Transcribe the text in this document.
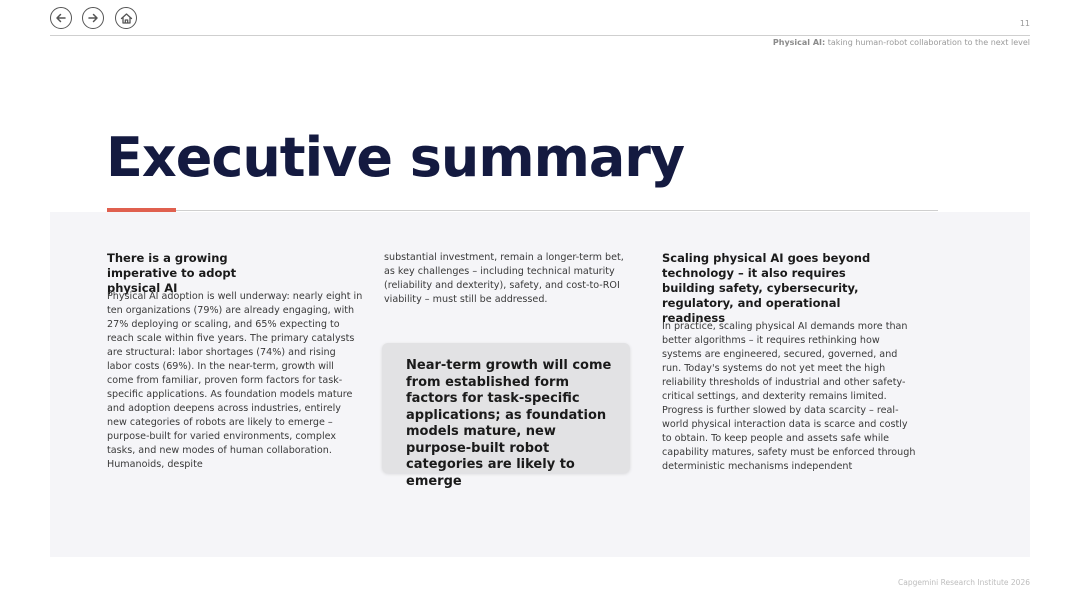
11
Physical AI: taking human-robot collaboration to the next level
Executive summary
There is a growing imperative to adopt physical AI

Physical AI adoption is well underway: nearly eight in ten organizations (79%) are already engaging, with 27% deploying or scaling, and 65% expecting to reach scale within five years. The primary catalysts are structural: labor shortages (74%) and rising labor costs (69%). In the near-term, growth will come from familiar, proven form factors for task-specific applications. As foundation models mature and adoption deepens across industries, entirely new categories of robots are likely to emerge – purpose-built for varied environments, complex tasks, and new modes of human collaboration. Humanoids, despite

substantial investment, remain a longer-term bet, as key challenges – including technical maturity (reliability and dexterity), safety, and cost-to-ROI viability – must still be addressed.

Near-term growth will come from established form factors for task-specific applications; as foundation models mature, new purpose-built robot categories are likely to emerge

Scaling physical AI goes beyond technology – it also requires building safety, cybersecurity, regulatory, and operational readiness

In practice, scaling physical AI demands more than better algorithms – it requires rethinking how systems are engineered, secured, governed, and run. Today's systems do not yet meet the high reliability thresholds of industrial and other safety-critical settings, and dexterity remains limited. Progress is further slowed by data scarcity – real-world physical interaction data is scarce and costly to obtain. To keep people and assets safe while capability matures, safety must be enforced through deterministic mechanisms independent

Capgemini Research Institute 2026
